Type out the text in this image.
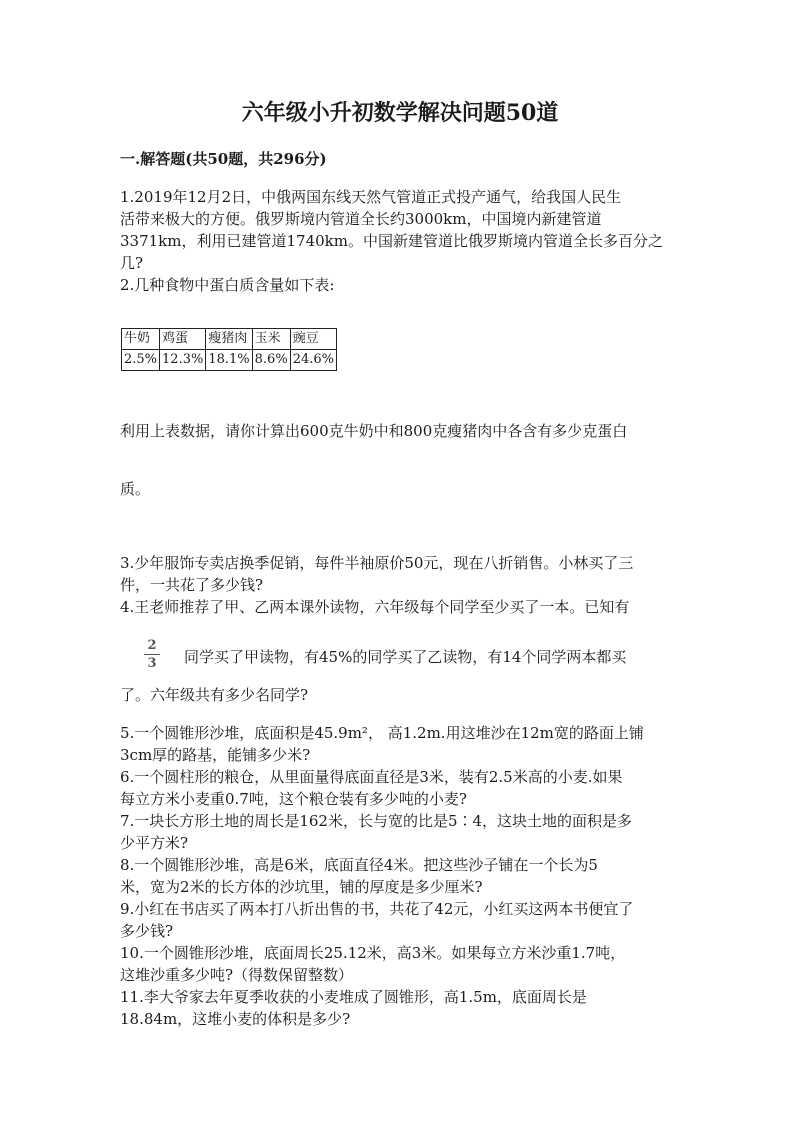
六年级小升初数学解决问题50道
一.解答题(共50题，共296分)
1.2019年12月2日，中俄两国东线天然气管道正式投产通气，给我国人民生
活带来极大的方便。俄罗斯境内管道全长约3000km，中国境内新建管道
3371km，利用已建管道1740km。中国新建管道比俄罗斯境内管道全长多百分之
几?
2.几种食物中蛋白质含量如下表:
牛奶	鸡蛋	瘦猪肉	玉米	豌豆
2.5%	12.3%	18.1%	8.6%	24.6%
利用上表数据，请你计算出600克牛奶中和800克瘦猪肉中各含有多少克蛋白
质。
3.少年服饰专卖店换季促销，每件半袖原价50元，现在八折销售。小林买了三
件，一共花了多少钱?
4.王老师推荐了甲、乙两本课外读物，六年级每个同学至少买了一本。已知有
2
3 同学买了甲读物，有45%的同学买了乙读物，有14个同学两本都买
了。六年级共有多少名同学?
5.一个圆锥形沙堆，底面积是45.9m²， 高1.2m.用这堆沙在12m宽的路面上铺
3cm厚的路基，能铺多少米?
6.一个圆柱形的粮仓，从里面量得底面直径是3米，装有2.5米高的小麦.如果
每立方米小麦重0.7吨，这个粮仓装有多少吨的小麦?
7.一块长方形土地的周长是162米，长与宽的比是5∶4，这块土地的面积是多
少平方米?
8.一个圆锥形沙堆，高是6米，底面直径4米。把这些沙子铺在一个长为5
米，宽为2米的长方体的沙坑里，铺的厚度是多少厘米?
9.小红在书店买了两本打八折出售的书，共花了42元，小红买这两本书便宜了
多少钱?
10.一个圆锥形沙堆，底面周长25.12米，高3米。如果每立方米沙重1.7吨，
这堆沙重多少吨?（得数保留整数）
11.李大爷家去年夏季收获的小麦堆成了圆锥形，高1.5m，底面周长是
18.84m，这堆小麦的体积是多少?
